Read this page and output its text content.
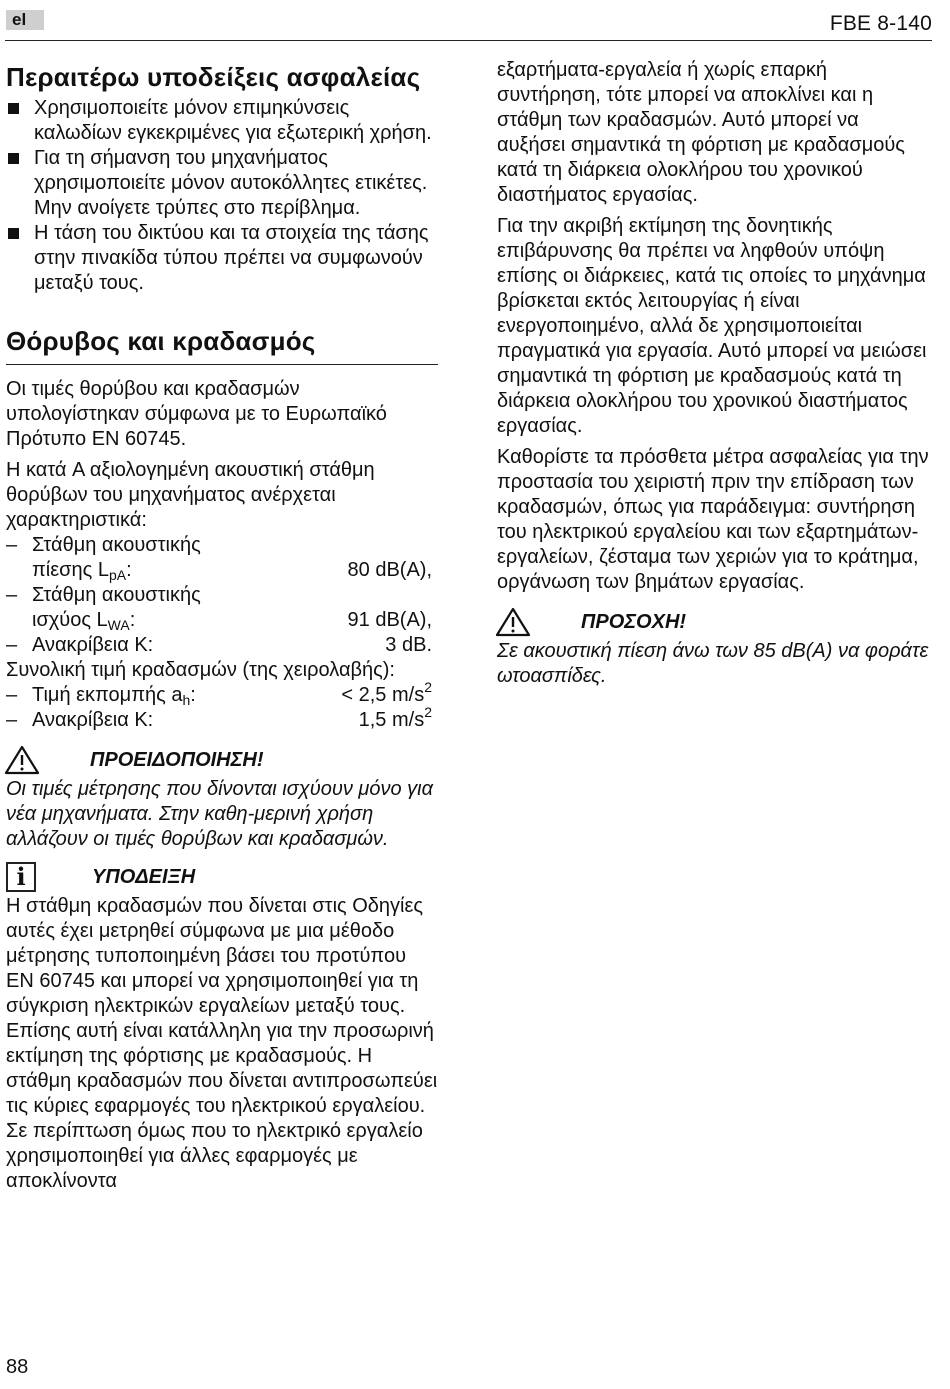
el	FBE 8-140
Περαιτέρω υποδείξεις ασφαλείας
Χρησιμοποιείτε μόνον επιμηκύνσεις καλωδίων εγκεκριμένες για εξωτερική χρήση.
Για τη σήμανση του μηχανήματος χρησιμοποιείτε μόνον αυτοκόλλητες ετικέτες. Μην ανοίγετε τρύπες στο περίβλημα.
Η τάση του δικτύου και τα στοιχεία της τάσης στην πινακίδα τύπου πρέπει να συμφωνούν μεταξύ τους.
Θόρυβος και κραδασμός

Οι τιμές θορύβου και κραδασμών υπολογίστηκαν σύμφωνα με το Ευρωπαϊκό Πρότυπο EN 60745.

Η κατά A αξιολογημένη ακουστική στάθμη θορύβων του μηχανήματος ανέρχεται χαρακτηριστικά:

– Στάθμη ακουστικής
πίεσης $L_{pA}$:	80 dB(A),
– Στάθμη ακουστικής
ισχύος $L_{WA}$:	91 dB(A),
– Ανακρίβεια K:	3 dB.

Συνολική τιμή κραδασμών (της χειρολαβής):

– Τιμή εκπομπής $a_h$:	< 2,5 $m/s^2$
– Ανακρίβεια K:	1,5 $m/s^2$
ΠΡΟΕΙΔΟΠΟΙΗΣΗ!

Οι τιμές μέτρησης που δίνονται ισχύουν μόνο για νέα μηχανήματα. Στην καθη-μερινή χρήση αλλάζουν οι τιμές θορύβων και κραδασμών.

i	ΥΠΟΔΕΙΞΗ

Η στάθμη κραδασμών που δίνεται στις Οδηγίες αυτές έχει μετρηθεί σύμφωνα με μια μέθοδο μέτρησης τυποποιημένη βάσει του προτύπου EN 60745 και μπορεί να χρησιμοποιηθεί για τη σύγκριση ηλεκτρικών εργαλείων μεταξύ τους. Επίσης αυτή είναι κατάλληλη για την προσωρινή εκτίμηση της φόρτισης με κραδασμούς. Η στάθμη κραδασμών που δίνεται αντιπροσωπεύει τις κύριες εφαρμογές του ηλεκτρικού εργαλείου. Σε περίπτωση όμως που το ηλεκτρικό εργαλείο χρησιμοποιηθεί για άλλες εφαρμογές με αποκλίνοντα

εξαρτήματα-εργαλεία ή χωρίς επαρκή συντήρηση, τότε μπορεί να αποκλίνει και η στάθμη των κραδασμών. Αυτό μπορεί να αυξήσει σημαντικά τη φόρτιση με κραδασμούς κατά τη διάρκεια ολοκλήρου του χρονικού διαστήματος εργασίας.

Για την ακριβή εκτίμηση της δονητικής επιβάρυνσης θα πρέπει να ληφθούν υπόψη επίσης οι διάρκειες, κατά τις οποίες το μηχάνημα βρίσκεται εκτός λειτουργίας ή είναι ενεργοποιημένο, αλλά δε χρησιμοποιείται πραγματικά για εργασία. Αυτό μπορεί να μειώσει σημαντικά τη φόρτιση με κραδασμούς κατά τη διάρκεια ολοκλήρου του χρονικού διαστήματος εργασίας.

Καθορίστε τα πρόσθετα μέτρα ασφαλείας για την προστασία του χειριστή πριν την επίδραση των κραδασμών, όπως για παράδειγμα: συντήρηση του ηλεκτρικού εργαλείου και των εξαρτημάτων-εργαλείων, ζέσταμα των χεριών για το κράτημα, οργάνωση των βημάτων εργασίας.

ΠΡΟΣΟΧΗ!

Σε ακουστική πίεση άνω των 85 dB(A) να φοράτε ωτοασπίδες.

88
